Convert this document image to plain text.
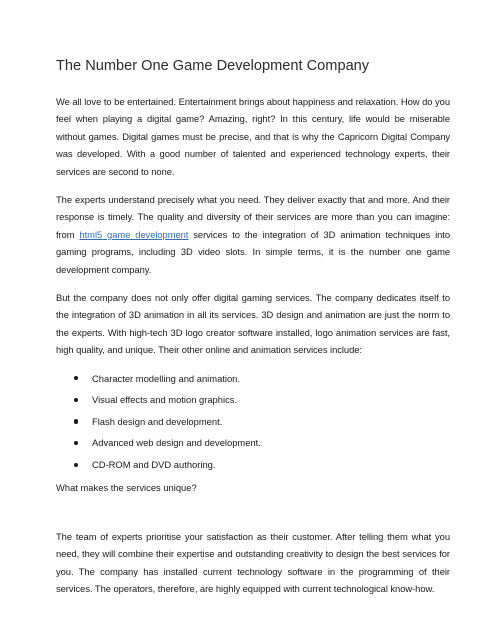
The Number One Game Development Company

We all love to be entertained. Entertainment brings about happiness and relaxation. How do you feel when playing a digital game? Amazing, right? In this century, life would be miserable without games. Digital games must be precise, and that is why the Capricorn Digital Company was developed. With a good number of talented and experienced technology experts, their services are second to none.

The experts understand precisely what you need. They deliver exactly that and more. And their response is timely. The quality and diversity of their services are more than you can imagine: from html5 game development services to the integration of 3D animation techniques into gaming programs, including 3D video slots. In simple terms, it is the number one game development company.

But the company does not only offer digital gaming services. The company dedicates itself to the integration of 3D animation in all its services. 3D design and animation are just the norm to the experts. With high-tech 3D logo creator software installed, logo animation services are fast, high quality, and unique. Their other online and animation services include:

Character modelling and animation.
Visual effects and motion graphics.
Flash design and development.
Advanced web design and development.
CD-ROM and DVD authoring.

What makes the services unique?

The team of experts prioritise your satisfaction as their customer. After telling them what you need, they will combine their expertise and outstanding creativity to design the best services for you. The company has installed current technology software in the programming of their services. The operators, therefore, are highly equipped with current technological know-how.
